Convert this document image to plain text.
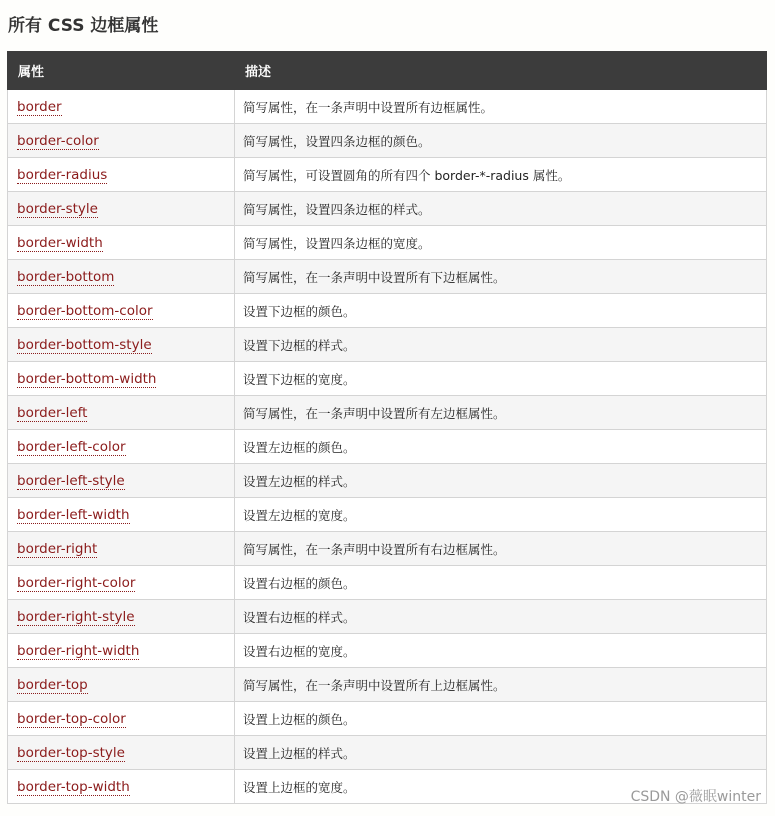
所有 CSS 边框属性
属性	描述
border	简写属性，在一条声明中设置所有边框属性。
border-color	简写属性，设置四条边框的颜色。
border-radius	简写属性，可设置圆角的所有四个 border-*-radius 属性。
border-style	简写属性，设置四条边框的样式。
border-width	简写属性，设置四条边框的宽度。
border-bottom	简写属性，在一条声明中设置所有下边框属性。
border-bottom-color	设置下边框的颜色。
border-bottom-style	设置下边框的样式。
border-bottom-width	设置下边框的宽度。
border-left	简写属性，在一条声明中设置所有左边框属性。
border-left-color	设置左边框的颜色。
border-left-style	设置左边框的样式。
border-left-width	设置左边框的宽度。
border-right	简写属性，在一条声明中设置所有右边框属性。
border-right-color	设置右边框的颜色。
border-right-style	设置右边框的样式。
border-right-width	设置右边框的宽度。
border-top	简写属性，在一条声明中设置所有上边框属性。
border-top-color	设置上边框的颜色。
border-top-style	设置上边框的样式。
border-top-width	设置上边框的宽度。
CSDN @薇眠winter
